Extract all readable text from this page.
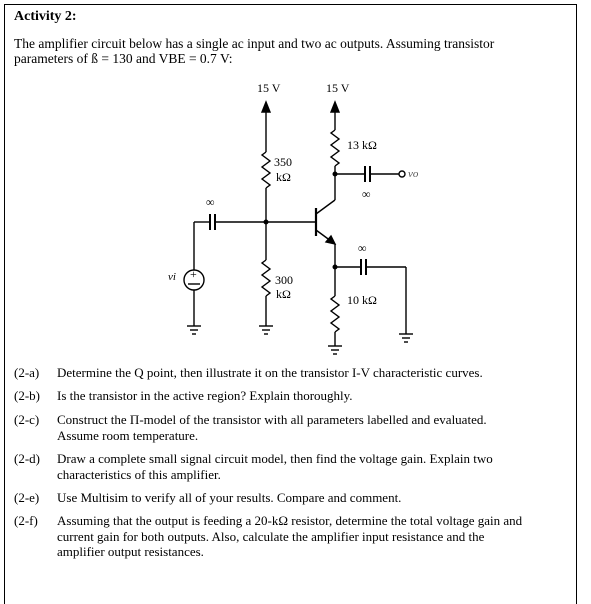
Activity 2:
The amplifier circuit below has a single ac input and two ac outputs. Assuming transistor
parameters of ß = 130 and VBE = 0.7 V:
15 V	15 V
350
kΩ
300
kΩ
∞
+
vi
13 kΩ
∞
vo
10 kΩ
∞
(2-a)	Determine the Q point, then illustrate it on the transistor I-V characteristic curves.
(2-b)	Is the transistor in the active region? Explain thoroughly.
(2-c)	Construct the Π-model of the transistor with all parameters labelled and evaluated.
Assume room temperature.
(2-d)	Draw a complete small signal circuit model, then find the voltage gain. Explain two
characteristics of this amplifier.
(2-e)	Use Multisim to verify all of your results. Compare and comment.
(2-f)	Assuming that the output is feeding a 20-kΩ resistor, determine the total voltage gain and
current gain for both outputs. Also, calculate the amplifier input resistance and the
amplifier output resistances.
